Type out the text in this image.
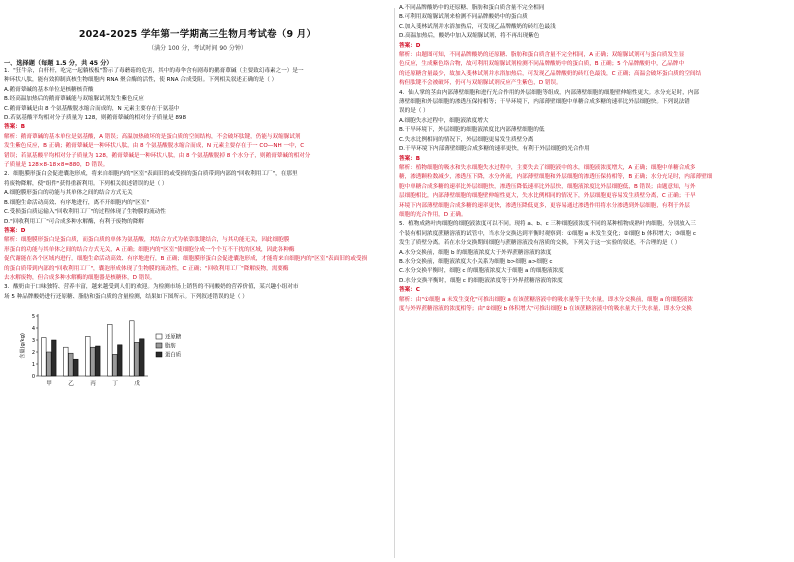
2024-2025 学年第一学期高三生物月考试卷（9 月）
（满分 100 分，考试时间 90 分钟）
一、选择题（每题 1.5 分，共 45 分）

1．"狂牛杂，白杆杆，吃完一起躺板板"警示了毒蘑菇的危害，其中的毒伞含有剧毒的鹅膏蕈碱（主要致幻毒素之一）是一

种环状八肽，能有效抑制真核生物细胞内 RNA 聚合酶的活性，使 RNA 合成受阻。下列相关叙述正确的是（ ）

A.鹅膏蕈碱的基本单位是核糖核苷酸

B.经高温加热后的鹅膏蕈碱能与双缩脲试剂发生紫色反应

C.鹅膏蕈碱是由 8 个氨基酸脱水缩合而成的，N 元素主要存在于氨基中

D.若氨基酸平均相对分子质量为 128，则鹅膏蕈碱的相对分子质量是 898

答案：B

解析：鹅膏蕈碱的基本单位是氨基酸，A 错误；高温加热破坏的是蛋白质的空间结构，不会破坏肽键，仍能与双缩脲试剂

发生紫色反应，B 正确；鹅膏蕈碱是一种环状八肽，由 8 个氨基酸脱水缩合而成，N 元素主要存在于一 CO—NH 一中，C

错误；若氨基酸平均相对分子质量为 128，鹅膏蕈碱是一种环状八肽，由 8 个氨基酸脱掉 8 个水分子，则鹅膏蕈碱的相对分

子质量是 128×8-18×8=880，D 错误。

2．细胞膜形蛋白会促进囊泡形成，将来自细胞内的"区室"表面旧的或受损的蛋白质带到内部的"回收利用工厂"，在那里

将废物降解，使"组件"获得重新利用。下列相关叙述错误的是（ ）

A.细胞膜形蛋白的功能与其单体之间的结合方式无关

B.细胞生命活动高效、有序地进行，离不开细胞内的"区室"

C.受损蛋白质运输入"回收利用工厂"的过程体现了生物膜的流动性

D."回收利用工厂"可合成多种水解酶，有利于废物的降解

答案：D

解析：细胞膜形蛋白是蛋白质，而蛋白质的单体为氨基酸，其结合方式为依靠肽键结合，与其功能无关，因此细胞膜

形蛋白的功能与其单体之间的结合方式无关，A 正确；细胞内的"区室"使细胞分成一个个互不干扰的区域，因此各种酶

促代谢能在各个区域内进行，细胞生命活动高效、有序地进行，B 正确；细胞膜形蛋白会促进囊泡形成，才能将来自细胞内的"区室"表面旧的或受损

的蛋白质带到内部的"回收利用工厂"，囊泡形成体现了生物膜的流动性，C 正确；"回收利用工厂"降解废物，需要酶

去水解废物，但合成多种水解酶的细胞器是核糖体，D 错误。

3．酸奶由于口味独特、营养丰富，越来越受到人们的欢迎。为检测市场上销售的不同酸奶的营养价值，某兴趣小组对市

场 5 种品牌酸奶进行还原糖、脂肪和蛋白质的含量检测，结果如下图所示。下列叙述错误的是（ ）

0
1
2
3
4
5
含量(g/kg)
甲	乙	丙	丁	戊
还原糖
脂肪
蛋白质

A.不同品牌酸奶中的还原糖、脂肪和蛋白质含量不完全相同

B.可利用双缩脲试剂来检测不同品牌酸奶中的蛋白质

C.加入斐林试剂并水浴加热后，可发现乙品牌酸奶的砖红色最浅

D.高温加热后，酸奶中加入双缩脲试剂，将不再出现紫色

答案：D

解析：由题图可知，不同品牌酸奶的还原糖、脂肪和蛋白质含量不完全相同，A 正确；双缩脲试剂可与蛋白质发生显

色反应，生成紫色络合物，故可利用双缩脲试剂检测不同品牌酸奶中的蛋白质，B 正确；5 个品牌酸奶中，乙品牌中

的还原糖含量最少，故加入斐林试剂并水浴加热后，可发现乙品牌酸奶的砖红色最浅，C 正确；高温会破坏蛋白质的空间结

构但肽键不会被破坏，仍可与双缩脲试剂反应产生紫色，D 错误。

4．仙人掌的茎由内部薄壁细胞和进行光合作用的外层细胞等组成，内部薄壁细胞的细胞壁伸缩性更大。水分充足时，内部

薄壁细胞和外层细胞的渗透压保持相等；干旱环境下，内部薄壁细胞中单糖合成多糖的速率比外层细胞快。下列说法错

误的是（ ）

A.细胞失水过程中，细胞液浓度增大

B.干旱环境下，外层细胞的细胞液浓度比内部薄壁细胞的低

C.失水比例相同的情况下，外层细胞更易发生质壁分离

D.干旱环境下内部薄壁细胞合成多糖的速率更快，有利于外层细胞的光合作用

答案：B

解析：植物细胞的吸水和失水细胞失水过程中，主要失去了细胞液中的水，细胞液浓度增大，A 正确；细胞中单糖合成多

糖，渗透颗粒数减少，渗透压下降，水分外流，内部薄壁细胞和外层细胞的渗透压保持相等，B 正确；水分充足时，内部薄壁细

胞中单糖合成多糖的速率比外层细胞快，渗透压降低速率比外层快，细胞液浓度比外层细胞低，B 错误；由题意知，与外

层细胞相比，内部薄壁细胞的细胞壁伸缩性更大，失水比例相同的情况下，外层细胞更容易发生质壁分离，C 正确；干旱

环境下内部薄壁细胞合成多糖的速率更快，渗透压降低更多，更容易通过渗透作用将水分渗透到外层细胞，有利于外层

细胞的光合作用，D 正确。

5．植物成熟叶肉细胞的细胞液浓度可以不同。现将 a、b、c 三种细胞液浓度不同的某种植物成熟叶肉细胞，分别放入三

个装有相同浓度蔗糖溶液的试管中，当水分交换达到平衡时观察到：①细胞 a 未发生变化；②细胞 b 体积增大；③细胞 c

发生了质壁分离。若在水分交换期间细胞与蔗糖溶液没有溶质的交换，下列关于这一实验的叙述，不合理的是（ ）

A.水分交换前，细胞 b 的细胞液浓度大于外界蔗糖溶液的浓度

B.水分交换前，细胞液浓度大小关系为细胞 b>细胞 a>细胞 c

C.水分交换平衡时，细胞 c 的细胞液浓度大于细胞 a 的细胞液浓度

D.水分交换平衡时，细胞 c 的细胞液浓度等于外界蔗糖溶液的浓度

答案：C

解析：由"①细胞 a 未发生变化"可推出细胞 a 在该蔗糖溶液中的吸水量等于失水量，即水分交换前，细胞 a 的细胞液浓

度与外界蔗糖溶液的浓度相等；由"②细胞 b 体积增大"可推出细胞 b 在该蔗糖溶液中的吸水量大于失水量，即水分交换
